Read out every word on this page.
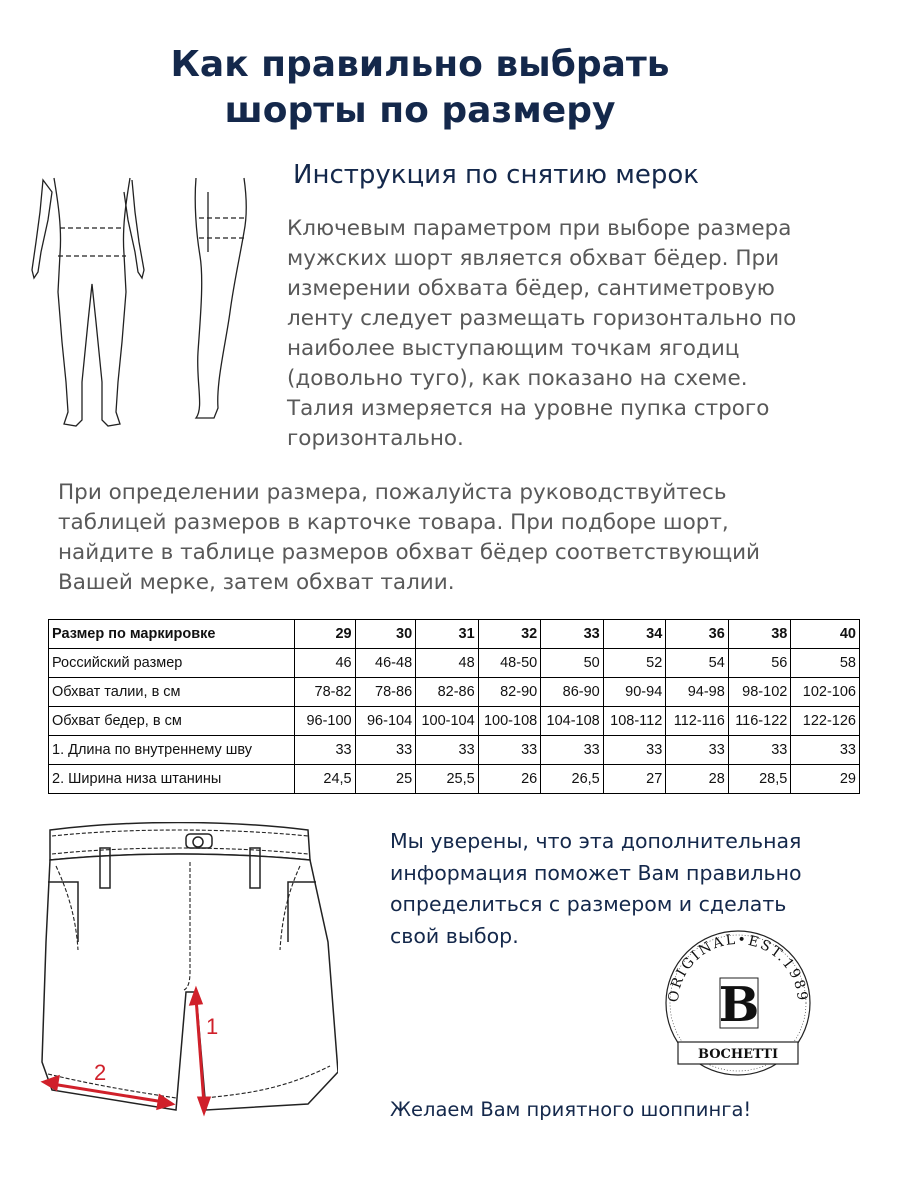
Как правильно выбрать
шорты по размеру
Инструкция по снятию мерок
Ключевым параметром при выборе размера
мужских шорт является обхват бёдер. При
измерении обхвата бёдер, сантиметровую
ленту следует размещать горизонтально по
наиболее выступающим точкам ягодиц
(довольно туго), как показано на схеме.
Талия измеряется на уровне пупка строго
горизонтально.
При определении размера, пожалуйста руководствуйтесь
таблицей размеров в карточке товара. При подборе шорт,
найдите в таблице размеров обхват бёдер соответствующий
Вашей мерке, затем обхват талии.
Размер по маркировке	29	30	31	32	33	34	36	38	40
Российский размер	46	46-48	48	48-50	50	52	54	56	58
Обхват талии, в см	78-82	78-86	82-86	82-90	86-90	90-94	94-98	98-102	102-106
Обхват бедер, в см	96-100	96-104	100-104	100-108	104-108	108-112	112-116	116-122	122-126
1. Длина по внутреннему шву	33	33	33	33	33	33	33	33	33
2. Ширина низа штанины	24,5	25	25,5	26	26,5	27	28	28,5	29
1
2
Мы уверены, что эта дополнительная
информация поможет Вам правильно
определиться с размером и сделать
свой выбор.
ORIGINAL•EST.1989
B
BOCHETTI
Желаем Вам приятного шоппинга!
